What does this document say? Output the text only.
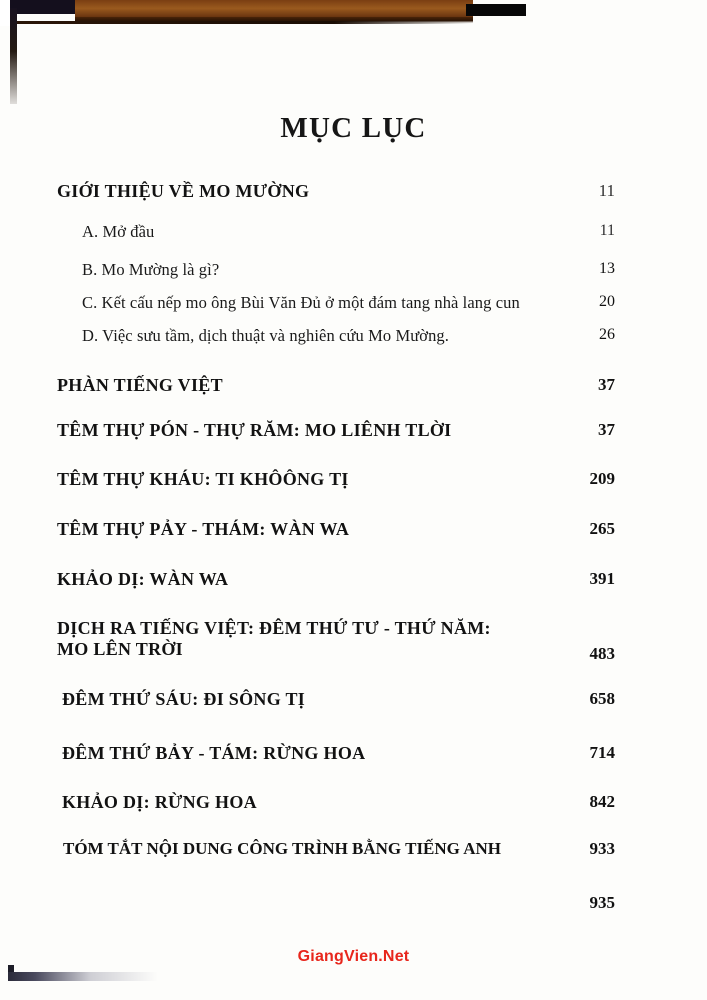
MỤC LỤC
GIỚI THIỆU VỀ MO MƯỜNG	11
A. Mở đầu	11
B. Mo Mường là gì?	13
C. Kết cấu nếp mo ông Bùi Văn Đủ ở một đám tang nhà lang cun	20
D. Việc sưu tầm, dịch thuật và nghiên cứu Mo Mường.	26
PHÀN TIẾNG VIỆT	37
TÊM THỰ PÓN - THỰ RĂM: MO LIÊNH TLỜI	37
TÊM THỰ KHÁU: TI KHÔÔNG TỊ	209
TÊM THỰ PẢY - THÁM: WÀN WA	265
KHẢO DỊ: WÀN WA	391
DỊCH RA TIẾNG VIỆT: ĐÊM THỨ TƯ - THỨ NĂM:
MO LÊN TRỜI	483
ĐÊM THỨ SÁU: ĐI SÔNG TỊ	658
ĐÊM THỨ BẢY - TÁM: RỪNG HOA	714
KHẢO DỊ: RỪNG HOA	842
TÓM TẮT NỘI DUNG CÔNG TRÌNH BẰNG TIẾNG ANH	933
935
GiangVien.Net
